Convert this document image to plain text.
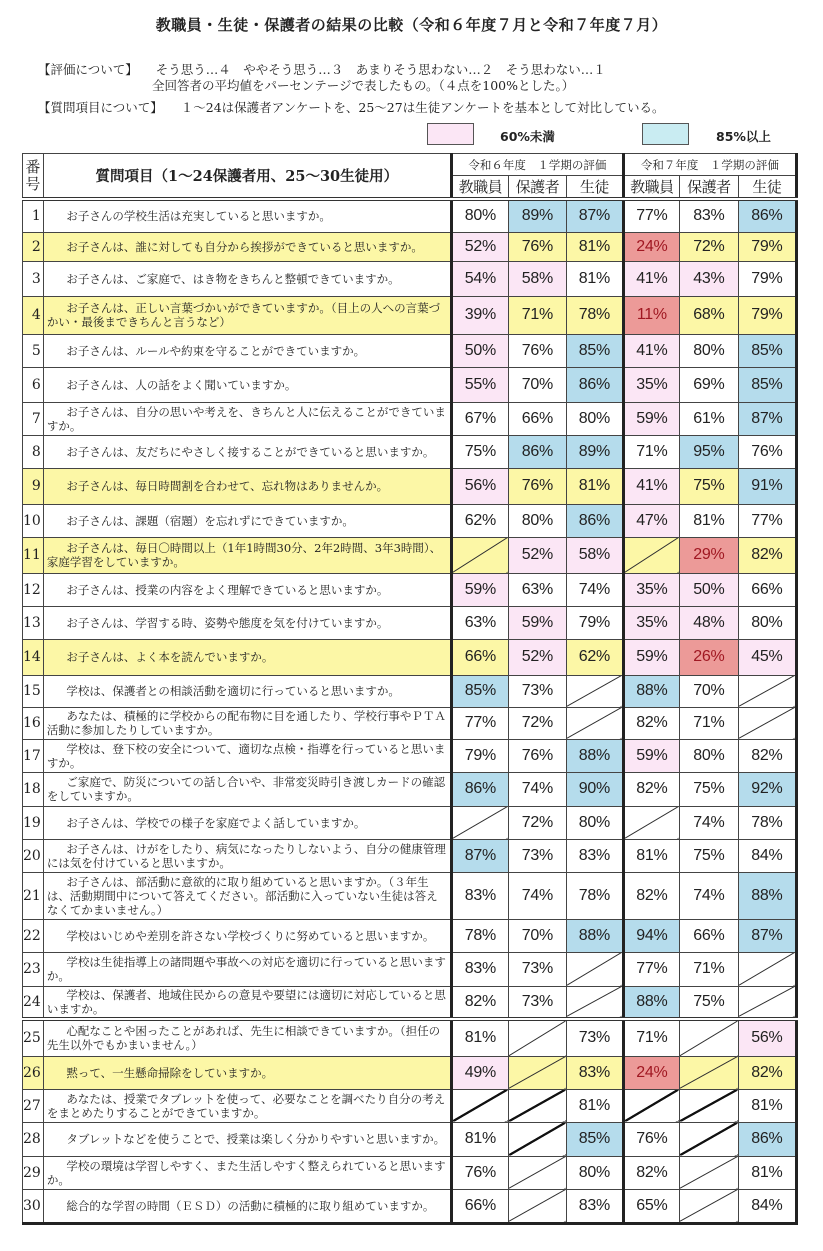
教職員・生徒・保護者の結果の比較（令和６年度７月と令和７年度７月）
【評価について】 そう思う…４　ややそう思う…３　あまりそう思わない…２　そう思わない…１
全回答者の平均値をパーセンテージで表したもの。（４点を100%とした。）
【質問項目について】 １～24は保護者アンケートを、25～27は生徒アンケートを基本として対比している。
60%未満	85%以上
番号	質問項目（1～24保護者用、25～30生徒用）	令和６年度　１学期の評価			令和７年度　１学期の評価		
		教職員	保護者	生徒	教職員	保護者	生徒
1	お子さんの学校生活は充実していると思いますか。	80%	89%	87%	77%	83%	86%
2	お子さんは、誰に対しても自分から挨拶ができていると思いますか。	52%	76%	81%	24%	72%	79%
3	お子さんは、ご家庭で、はき物をきちんと整頓できていますか。	54%	58%	81%	41%	43%	79%
4	お子さんは、正しい言葉づかいができていますか。（目上の人への言葉づかい・最後まできちんと言うなど）	39%	71%	78%	11%	68%	79%
5	お子さんは、ルールや約束を守ることができていますか。	50%	76%	85%	41%	80%	85%
6	お子さんは、人の話をよく聞いていますか。	55%	70%	86%	35%	69%	85%
7	お子さんは、自分の思いや考えを、きちんと人に伝えることができていますか。	67%	66%	80%	59%	61%	87%
8	お子さんは、友だちにやさしく接することができていると思いますか。	75%	86%	89%	71%	95%	76%
9	お子さんは、毎日時間割を合わせて、忘れ物はありませんか。	56%	76%	81%	41%	75%	91%
10	お子さんは、課題（宿題）を忘れずにできていますか。	62%	80%	86%	47%	81%	77%
11	お子さんは、毎日〇時間以上（1年1時間30分、2年2時間、3年3時間）、家庭学習をしていますか。		52%	58%		29%	82%
12	お子さんは、授業の内容をよく理解できていると思いますか。	59%	63%	74%	35%	50%	66%
13	お子さんは、学習する時、姿勢や態度を気を付けていますか。	63%	59%	79%	35%	48%	80%
14	お子さんは、よく本を読んでいますか。	66%	52%	62%	59%	26%	45%
15	学校は、保護者との相談活動を適切に行っていると思いますか。	85%	73%		88%	70%	
16	あなたは、積極的に学校からの配布物に目を通したり、学校行事やＰＴＡ活動に参加したりしていますか。	77%	72%		82%	71%	
17	学校は、登下校の安全について、適切な点検・指導を行っていると思いますか。	79%	76%	88%	59%	80%	82%
18	ご家庭で、防災についての話し合いや、非常変災時引き渡しカードの確認をしていますか。	86%	74%	90%	82%	75%	92%
19	お子さんは、学校での様子を家庭でよく話していますか。		72%	80%		74%	78%
20	お子さんは、けがをしたり、病気になったりしないよう、自分の健康管理には気を付けていると思いますか。	87%	73%	83%	81%	75%	84%
21	お子さんは、部活動に意欲的に取り組めていると思いますか。（３年生は、活動期間中について答えてください。部活動に入っていない生徒は答えなくてかまいません。）	83%	74%	78%	82%	74%	88%
22	学校はいじめや差別を許さない学校づくりに努めていると思いますか。	78%	70%	88%	94%	66%	87%
23	学校は生徒指導上の諸問題や事故への対応を適切に行っていると思いますか。	83%	73%		77%	71%	
24	学校は、保護者、地域住民からの意見や要望には適切に対応していると思いますか。	82%	73%		88%	75%	
25	心配なことや困ったことがあれば、先生に相談できていますか。（担任の先生以外でもかまいません。）	81%		73%	71%		56%
26	黙って、一生懸命掃除をしていますか。	49%		83%	24%		82%
27	あなたは、授業でタブレットを使って、必要なことを調べたり自分の考えをまとめたりすることができていますか。			81%			81%
28	タブレットなどを使うことで、授業は楽しく分かりやすいと思いますか。	81%		85%	76%		86%
29	学校の環境は学習しやすく、また生活しやすく整えられていると思いますか。	76%		80%	82%		81%
30	総合的な学習の時間（ＥＳＤ）の活動に積極的に取り組めていますか。	66%		83%	65%		84%
